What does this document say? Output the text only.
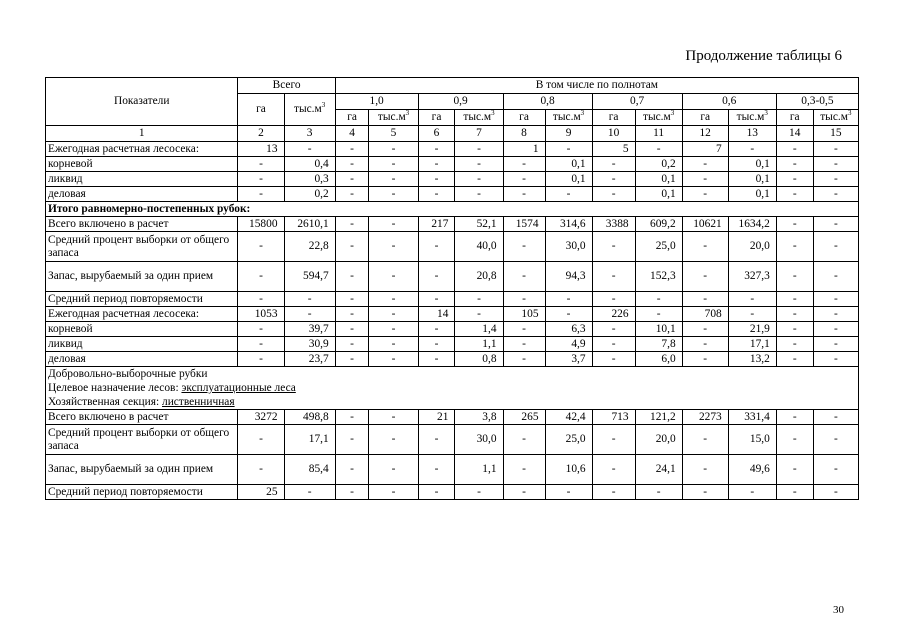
Продолжение таблицы 6
Показатели	Всего		В том числе по полнотам											
	га	$тыс.м^3$	1,0		0,9		0,8		0,7		0,6		0,3-0,5	
			га	$тыс.м^3$	га	$тыс.м^3$	га	$тыс.м^3$	га	$тыс.м^3$	га	$тыс.м^3$	га	$тыс.м^3$
1	2	3	4	5	6	7	8	9	10	11	12	13	14	15
Ежегодная расчетная лесосека:	13	-	-	-	-	-	1	-	5	-	7	-	-	-
корневой	-	0,4	-	-	-	-	-	0,1	-	0,2	-	0,1	-	-
ликвид	-	0,3	-	-	-	-	-	0,1	-	0,1	-	0,1	-	-
деловая	-	0,2	-	-	-	-	-	-	-	0,1	-	0,1	-	-
Итого равномерно-постепенных рубок:														
Всего включено в расчет	15800	2610,1	-	-	217	52,1	1574	314,6	3388	609,2	10621	1634,2	-	-
Средний процент выборки от общего запаса	-	22,8	-	-	-	40,0	-	30,0	-	25,0	-	20,0	-	-
Запас, вырубаемый за один прием	-	594,7	-	-	-	20,8	-	94,3	-	152,3	-	327,3	-	-
Средний период повторяемости	-	-	-	-	-	-	-	-	-	-	-	-	-	-
Ежегодная расчетная лесосека:	1053	-	-	-	14	-	105	-	226	-	708	-	-	-
корневой	-	39,7	-	-	-	1,4	-	6,3	-	10,1	-	21,9	-	-
ликвид	-	30,9	-	-	-	1,1	-	4,9	-	7,8	-	17,1	-	-
деловая	-	23,7	-	-	-	0,8	-	3,7	-	6,0	-	13,2	-	-

Добровольно-выборочные рубки
Целевое назначение лесов: эксплуатационные леса
Хозяйственная секция: лиственничная														

Всего включено в расчет	3272	498,8	-	-	21	3,8	265	42,4	713	121,2	2273	331,4	-	-
Средний процент выборки от общего запаса	-	17,1	-	-	-	30,0	-	25,0	-	20,0	-	15,0	-	-
Запас, вырубаемый за один прием	-	85,4	-	-	-	1,1	-	10,6	-	24,1	-	49,6	-	-
Средний период повторяемости	25	-	-	-	-	-	-	-	-	-	-	-	-	-
30
